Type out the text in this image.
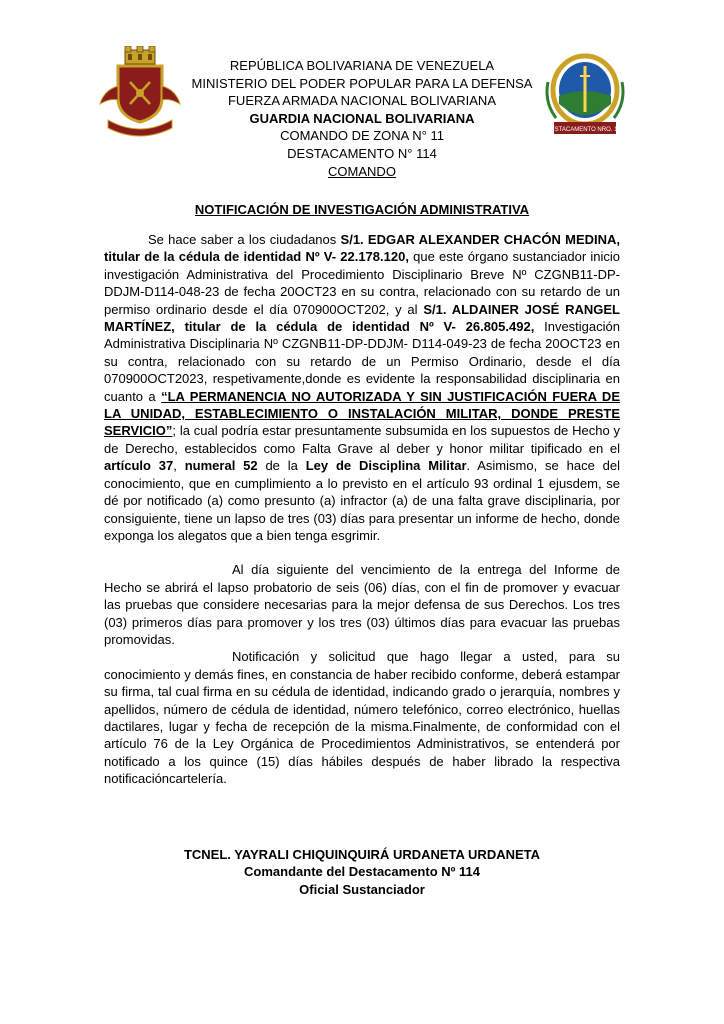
DESTACAMENTO NRO. 114
REPÚBLICA BOLIVARIANA DE VENEZUELA
MINISTERIO DEL PODER POPULAR PARA LA DEFENSA
FUERZA ARMADA NACIONAL BOLIVARIANA
GUARDIA NACIONAL BOLIVARIANA
COMANDO DE ZONA N° 11
DESTACAMENTO N° 114
COMANDO
NOTIFICACIÓN DE INVESTIGACIÓN ADMINISTRATIVA

Se hace saber a los ciudadanos S/1. EDGAR ALEXANDER CHACÓN MEDINA, titular de la cédula de identidad Nº V- 22.178.120, que este órgano sustanciador inicio investigación Administrativa del Procedimiento Disciplinario Breve Nº CZGNB11-DP-DDJM-D114-048-23 de fecha 20OCT23 en su contra, relacionado con su retardo de un permiso ordinario desde el día 070900OCT202, y al S/1. ALDAINER JOSÉ RANGEL MARTÍNEZ, titular de la cédula de identidad Nº V- 26.805.492, Investigación Administrativa Disciplinaria Nº CZGNB11-DP-DDJM- D114-049-23 de fecha 20OCT23 en su contra, relacionado con su retardo de un Permiso Ordinario, desde el día 070900OCT2023, respetivamente,donde es evidente la responsabilidad disciplinaria en cuanto a “LA PERMANENCIA NO AUTORIZADA Y SIN JUSTIFICACIÓN FUERA DE LA UNIDAD, ESTABLECIMIENTO O INSTALACIÓN MILITAR, DONDE PRESTE SERVICIO”; la cual podría estar presuntamente subsumida en los supuestos de Hecho y de Derecho, establecidos como Falta Grave al deber y honor militar tipificado en el artículo 37, numeral 52 de la Ley de Disciplina Militar. Asimismo, se hace del conocimiento, que en cumplimiento a lo previsto en el artículo 93 ordinal 1 ejusdem, se dé por notificado (a) como presunto (a) infractor (a) de una falta grave disciplinaria, por consiguiente, tiene un lapso de tres (03) días para presentar un informe de hecho, donde exponga los alegatos que a bien tenga esgrimir.

Al día siguiente del vencimiento de la entrega del Informe de Hecho se abrirá el lapso probatorio de seis (06) días, con el fin de promover y evacuar las pruebas que considere necesarias para la mejor defensa de sus Derechos. Los tres (03) primeros días para promover y los tres (03) últimos días para evacuar las pruebas promovidas.

Notificación y solicitud que hago llegar a usted, para su conocimiento y demás fines, en constancia de haber recibido conforme, deberá estampar su firma, tal cual firma en su cédula de identidad, indicando grado o jerarquía, nombres y apellidos, número de cédula de identidad, número telefónico, correo electrónico, huellas dactilares, lugar y fecha de recepción de la misma.Finalmente, de conformidad con el artículo 76 de la Ley Orgánica de Procedimientos Administrativos, se entenderá por notificado a los quince (15) días hábiles después de haber librado la respectiva notificacióncartelería.

TCNEL. YAYRALI CHIQUINQUIRÁ URDANETA URDANETA
Comandante del Destacamento Nº 114
Oficial Sustanciador
